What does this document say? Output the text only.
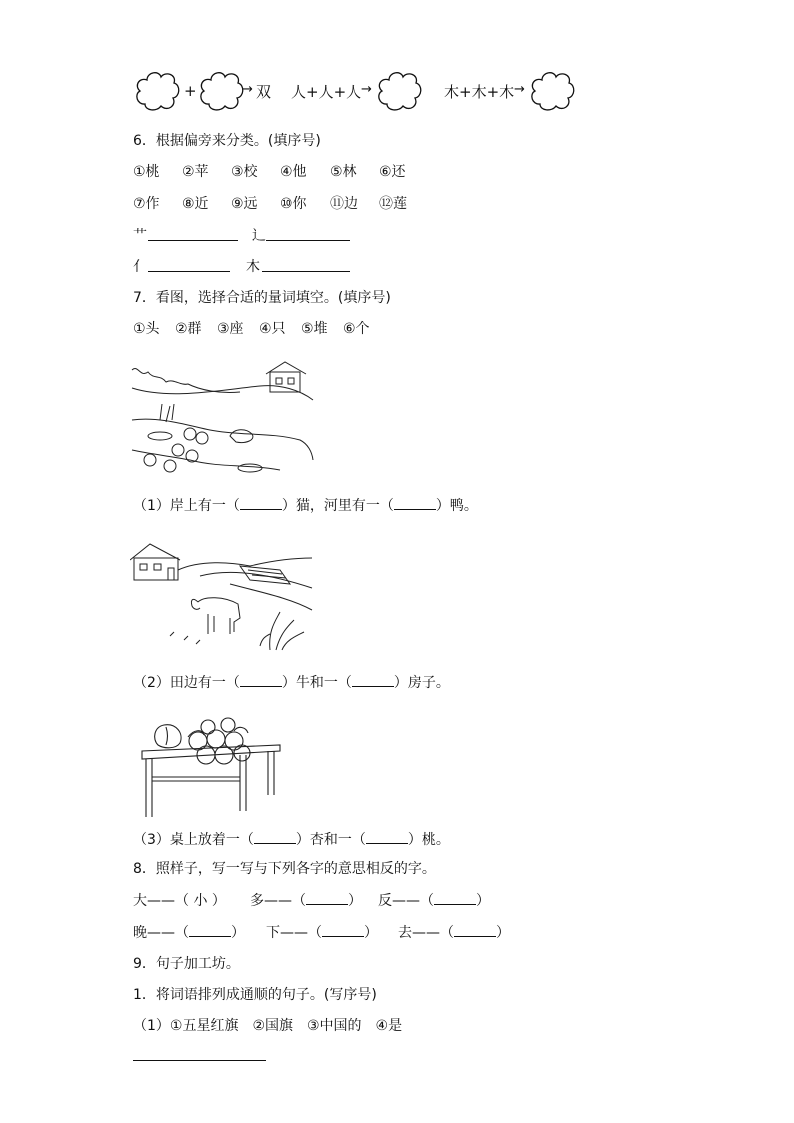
+	→ 双 人+人+人 →	木+木+木 →
6．根据偏旁来分类。(填序号)
①桃 ②苹 ③校 ④他 ⑤林 ⑥还
⑦作 ⑧近 ⑨远 ⑩你 ⑪边 ⑫莲
艹	辶
亻	木
7．看图，选择合适的量词填空。(填序号)
①头 ②群 ③座 ④只 ⑤堆 ⑥个
（1）岸上有一（	）猫，河里有一（	）鸭。
（2）田边有一（	）牛和一（	）房子。
（3）桌上放着一（	）杏和一（	）桃。
8．照样子，写一写与下列各字的意思相反的字。
大——（ 小 ） 多——（	） 反——（	）
晚——（	） 下——（	） 去——（	）
9．句子加工坊。
1．将词语排列成通顺的句子。(写序号)
（1）①五星红旗　②国旗　③中国的　④是
